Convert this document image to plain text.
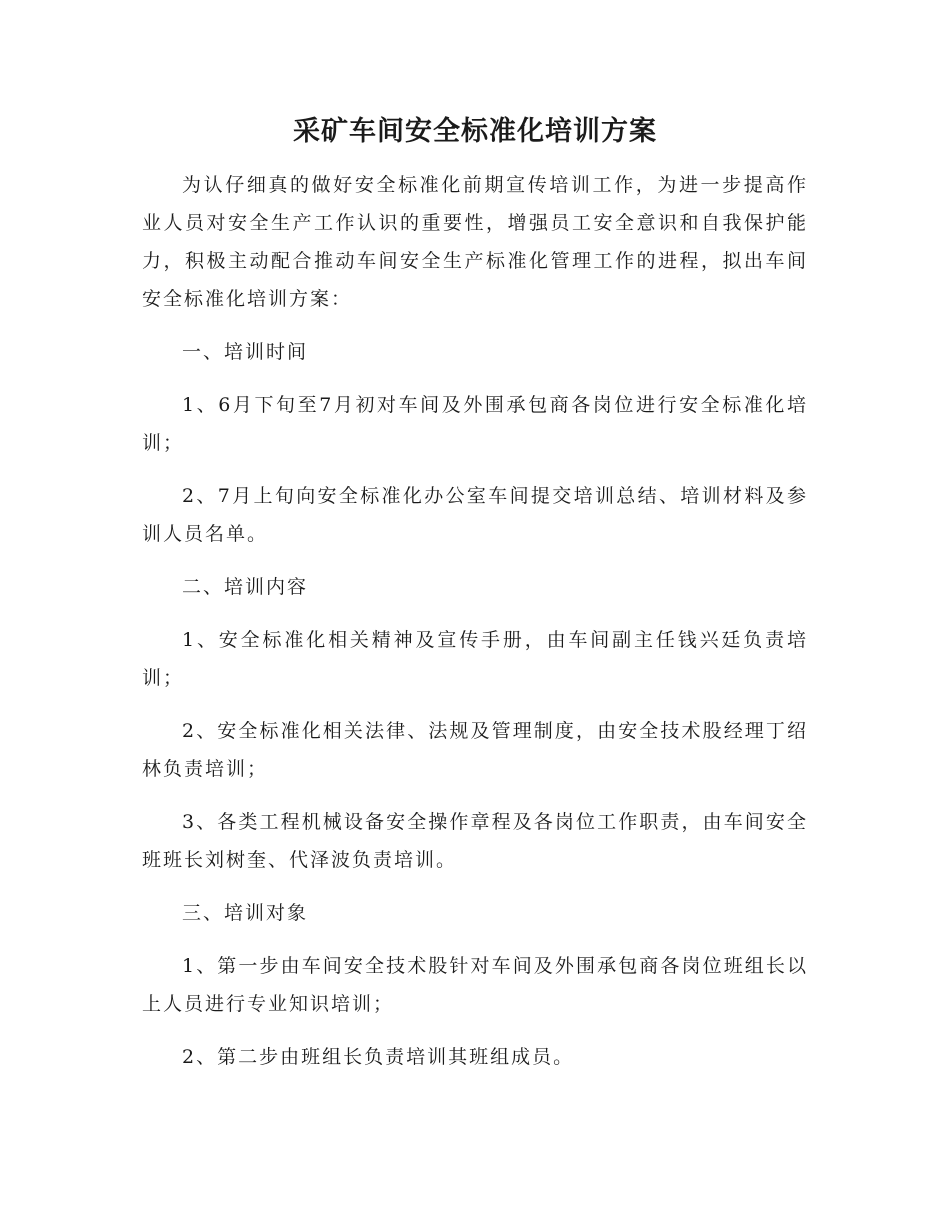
采矿车间安全标准化培训方案

为认仔细真的做好安全标准化前期宣传培训工作，为进一步提高作业人员对安全生产工作认识的重要性，增强员工安全意识和自我保护能力，积极主动配合推动车间安全生产标准化管理工作的进程，拟出车间安全标准化培训方案：

一、培训时间

1、6月下旬至7月初对车间及外围承包商各岗位进行安全标准化培训；

2、7月上旬向安全标准化办公室车间提交培训总结、培训材料及参训人员名单。

二、培训内容

1、安全标准化相关精神及宣传手册，由车间副主任钱兴廷负责培训；

2、安全标准化相关法律、法规及管理制度，由安全技术股经理丁绍林负责培训；

3、各类工程机械设备安全操作章程及各岗位工作职责，由车间安全班班长刘树奎、代泽波负责培训。

三、培训对象

1、第一步由车间安全技术股针对车间及外围承包商各岗位班组长以上人员进行专业知识培训；

2、第二步由班组长负责培训其班组成员。
